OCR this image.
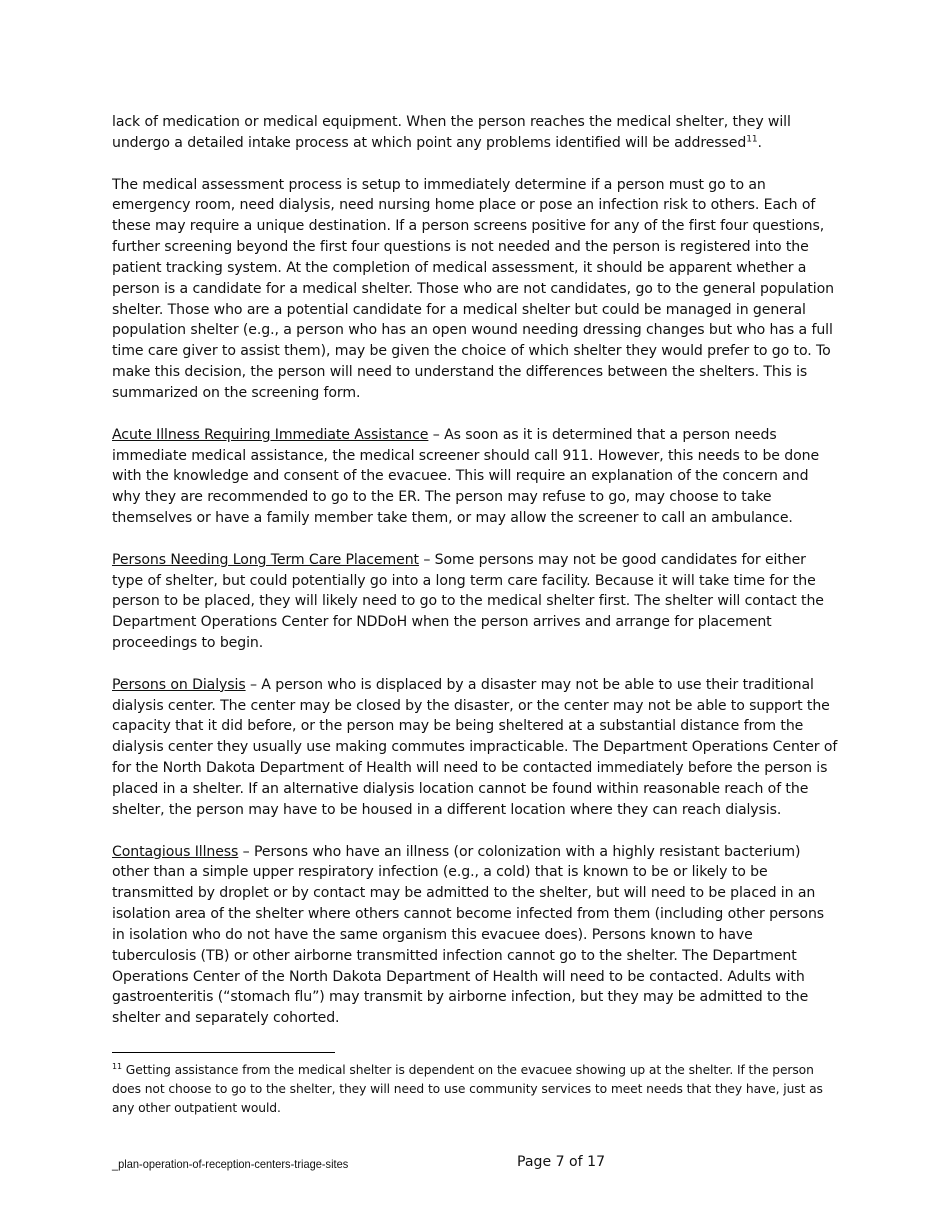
lack of medication or medical equipment. When the person reaches the medical shelter, they will undergo a detailed intake process at which point any problems identified will be addressed$^{11}$.

The medical assessment process is setup to immediately determine if a person must go to an emergency room, need dialysis, need nursing home place or pose an infection risk to others. Each of these may require a unique destination. If a person screens positive for any of the first four questions, further screening beyond the first four questions is not needed and the person is registered into the patient tracking system. At the completion of medical assessment, it should be apparent whether a person is a candidate for a medical shelter. Those who are not candidates, go to the general population shelter. Those who are a potential candidate for a medical shelter but could be managed in general population shelter (e.g., a person who has an open wound needing dressing changes but who has a full time care giver to assist them), may be given the choice of which shelter they would prefer to go to. To make this decision, the person will need to understand the differences between the shelters. This is summarized on the screening form.

Acute Illness Requiring Immediate Assistance – As soon as it is determined that a person needs immediate medical assistance, the medical screener should call 911. However, this needs to be done with the knowledge and consent of the evacuee. This will require an explanation of the concern and why they are recommended to go to the ER. The person may refuse to go, may choose to take themselves or have a family member take them, or may allow the screener to call an ambulance.

Persons Needing Long Term Care Placement – Some persons may not be good candidates for either type of shelter, but could potentially go into a long term care facility. Because it will take time for the person to be placed, they will likely need to go to the medical shelter first. The shelter will contact the Department Operations Center for NDDoH when the person arrives and arrange for placement proceedings to begin.

Persons on Dialysis – A person who is displaced by a disaster may not be able to use their traditional dialysis center. The center may be closed by the disaster, or the center may not be able to support the capacity that it did before, or the person may be being sheltered at a substantial distance from the dialysis center they usually use making commutes impracticable. The Department Operations Center of for the North Dakota Department of Health will need to be contacted immediately before the person is placed in a shelter. If an alternative dialysis location cannot be found within reasonable reach of the shelter, the person may have to be housed in a different location where they can reach dialysis.

Contagious Illness – Persons who have an illness (or colonization with a highly resistant bacterium) other than a simple upper respiratory infection (e.g., a cold) that is known to be or likely to be transmitted by droplet or by contact may be admitted to the shelter, but will need to be placed in an isolation area of the shelter where others cannot become infected from them (including other persons in isolation who do not have the same organism this evacuee does). Persons known to have tuberculosis (TB) or other airborne transmitted infection cannot go to the shelter. The Department Operations Center of the North Dakota Department of Health will need to be contacted. Adults with gastroenteritis (“stomach flu”) may transmit by airborne infection, but they may be admitted to the shelter and separately cohorted.

$^{11}$ Getting assistance from the medical shelter is dependent on the evacuee showing up at the shelter. If the person does not choose to go to the shelter, they will need to use community services to meet needs that they have, just as any other outpatient would.
_plan-operation-of-reception-centers-triage-sites	Page 7 of 17
